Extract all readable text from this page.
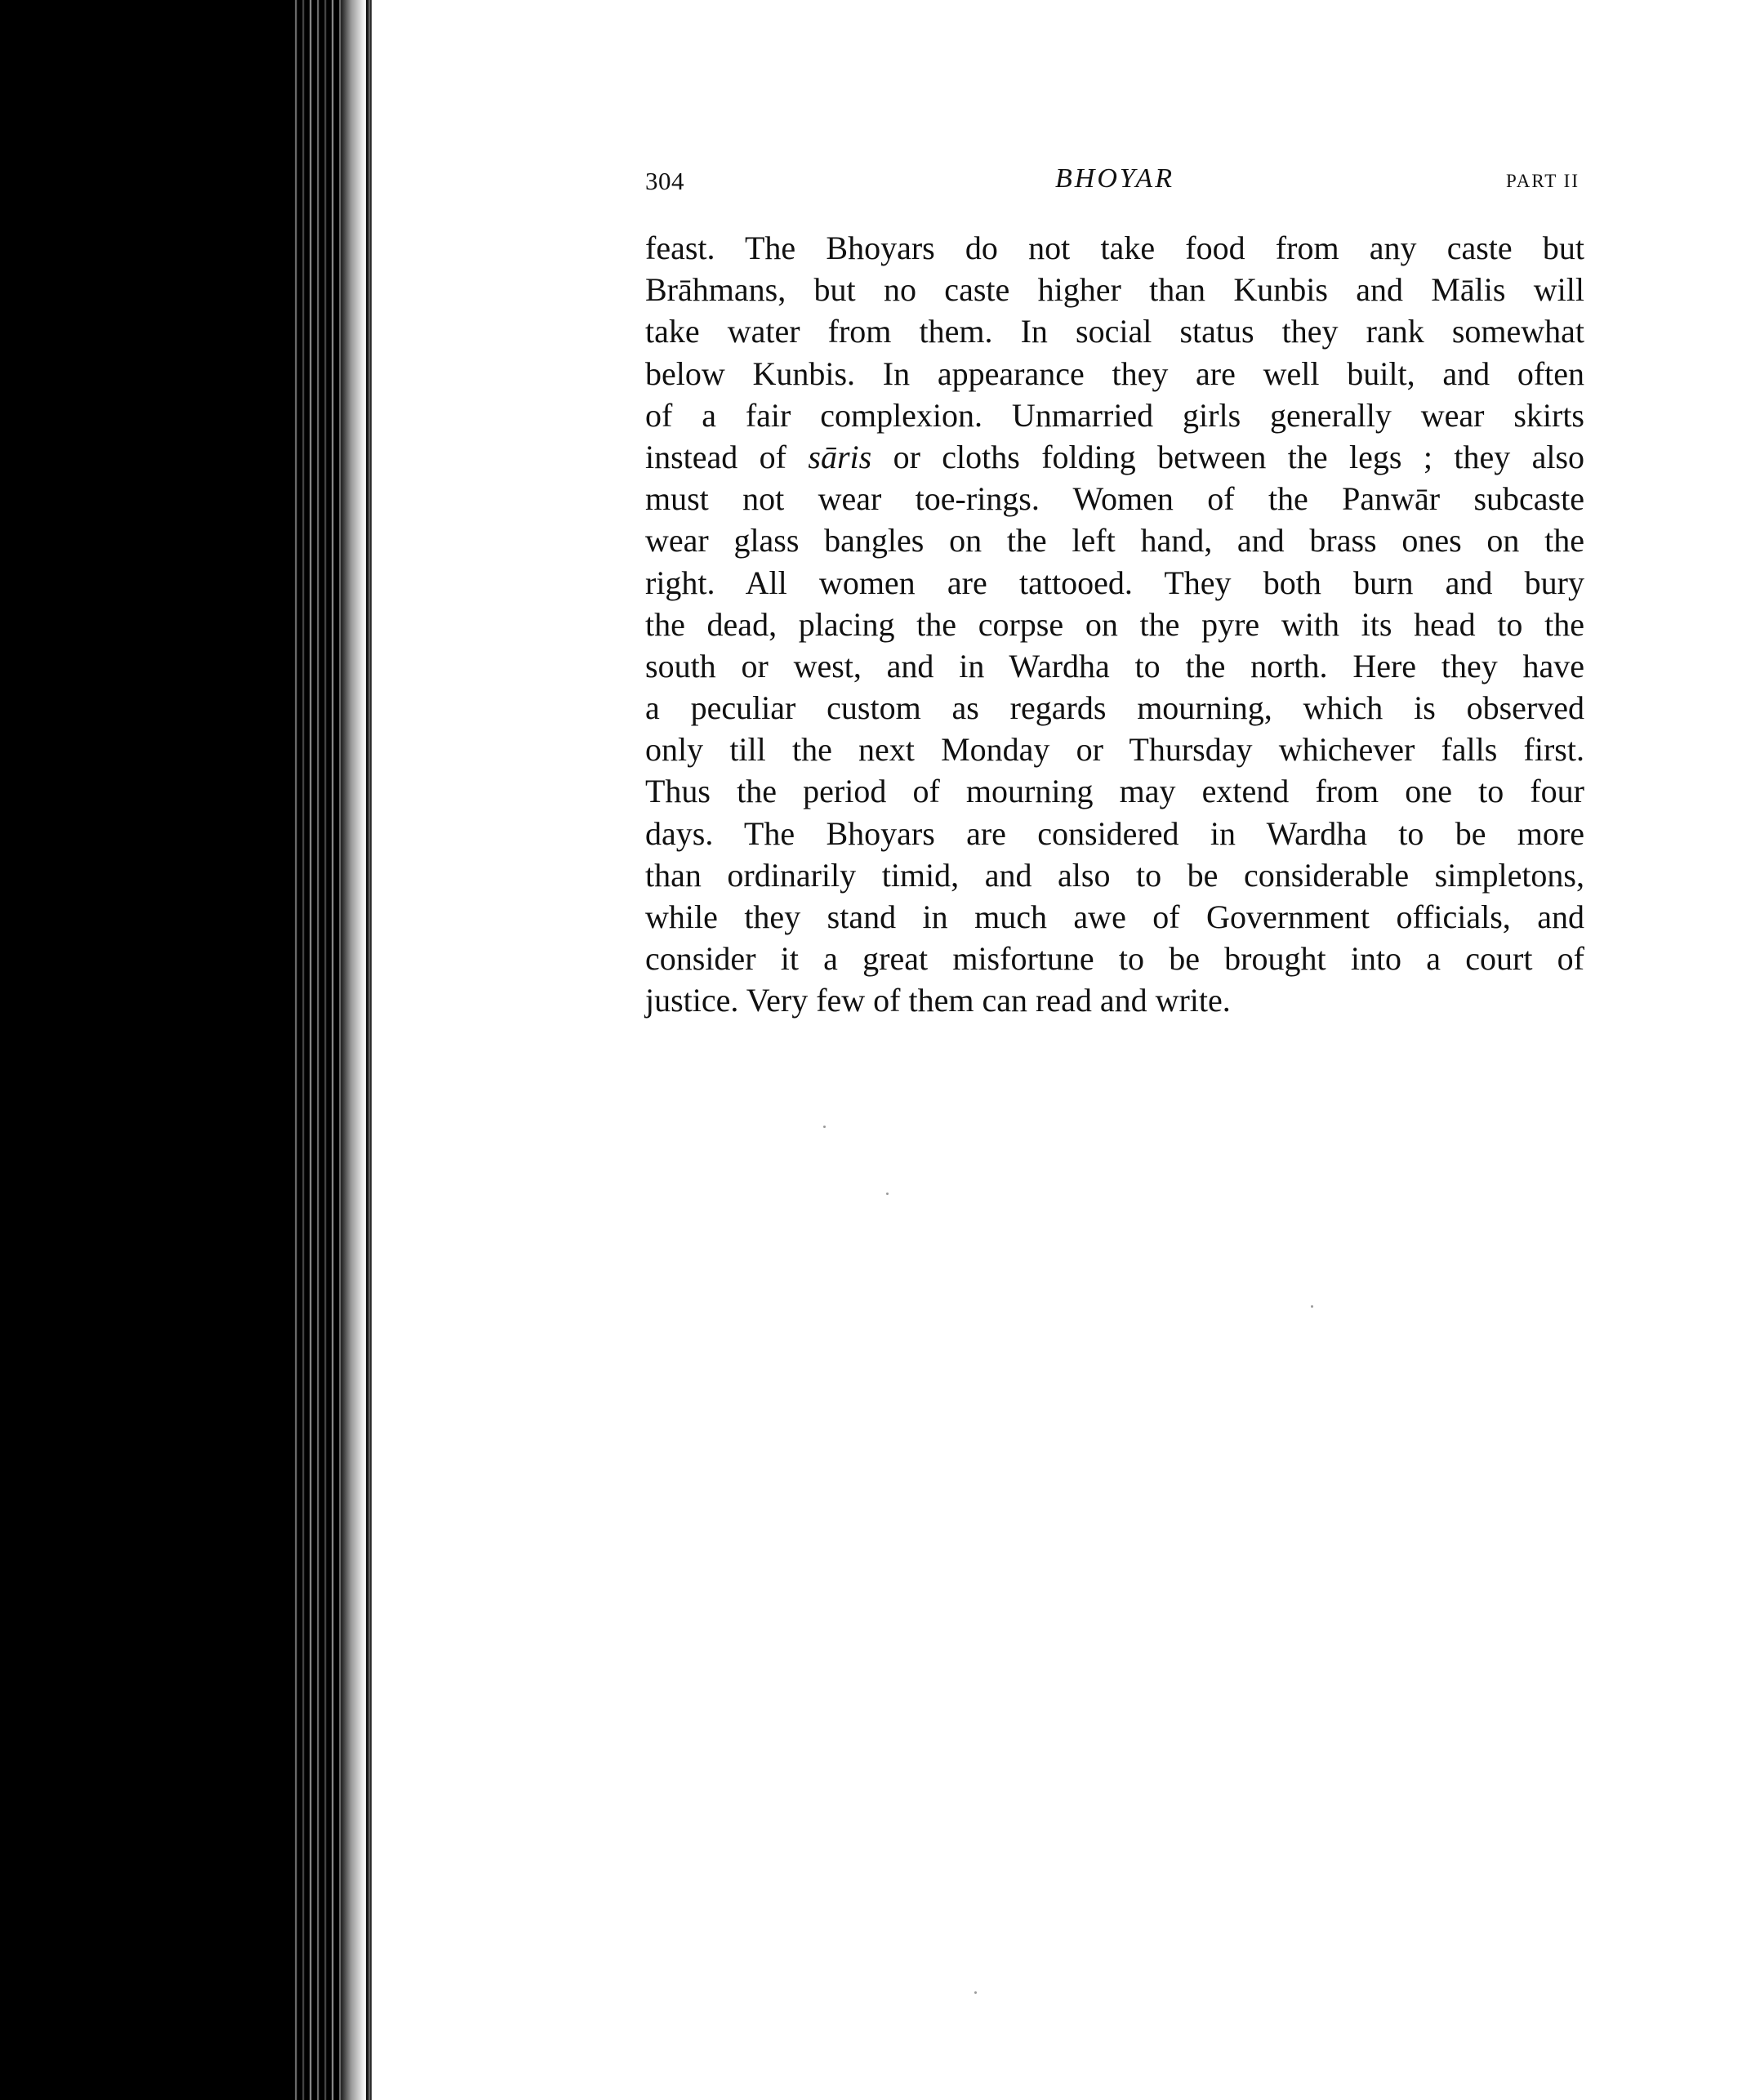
304	BHOYAR	PART II
feast. The Bhoyars do not take food from any caste but
Brāhmans, but no caste higher than Kunbis and Mālis will
take water from them. In social status they rank somewhat
below Kunbis. In appearance they are well built, and often
of a fair complexion. Unmarried girls generally wear skirts
instead of sāris or cloths folding between the legs ; they also
must not wear toe-rings. Women of the Panwār subcaste
wear glass bangles on the left hand, and brass ones on the
right. All women are tattooed. They both burn and bury
the dead, placing the corpse on the pyre with its head to the
south or west, and in Wardha to the north. Here they have
a peculiar custom as regards mourning, which is observed
only till the next Monday or Thursday whichever falls first.
Thus the period of mourning may extend from one to four
days. The Bhoyars are considered in Wardha to be more
than ordinarily timid, and also to be considerable simpletons,
while they stand in much awe of Government officials, and
consider it a great misfortune to be brought into a court of
justice. Very few of them can read and write.
